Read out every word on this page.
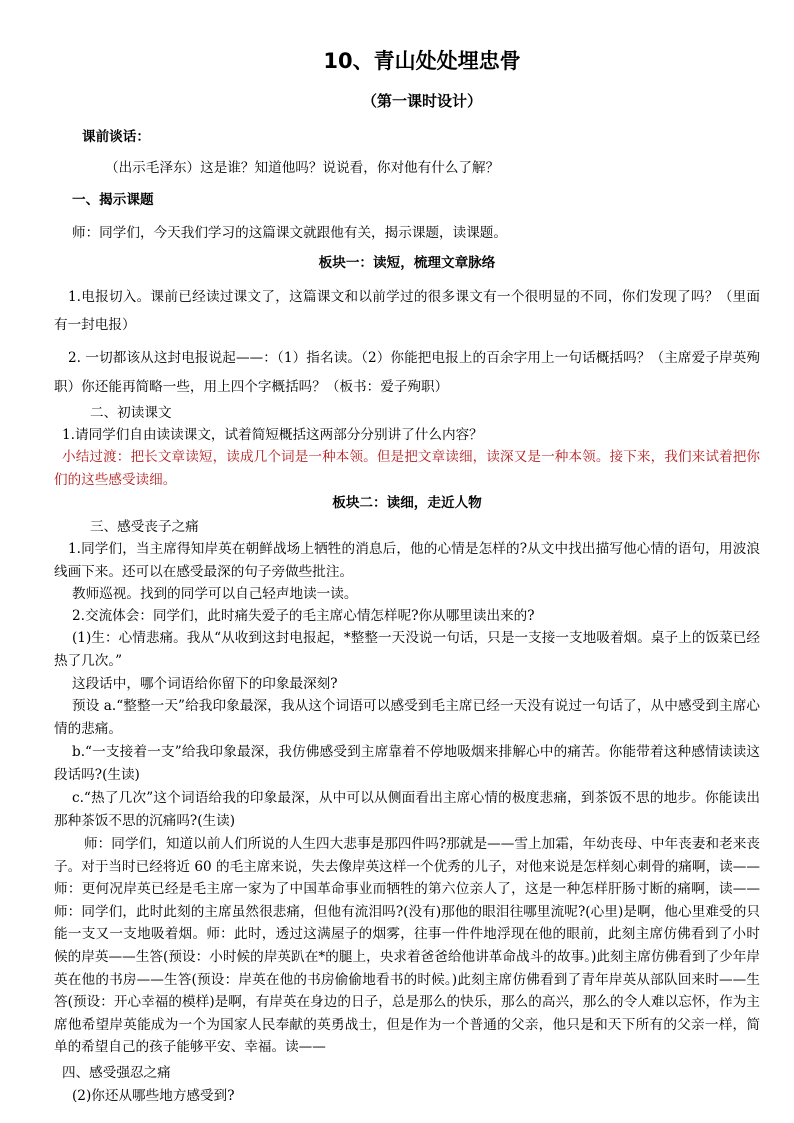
10、青山处处埋忠骨
（第一课时设计）
课前谈话：
（出示毛泽东）这是谁？知道他吗？说说看，你对他有什么了解？
一、揭示课题
师：同学们，今天我们学习的这篇课文就跟他有关，揭示课题，读课题。
板块一：读短，梳理文章脉络
1.电报切入。课前已经读过课文了，这篇课文和以前学过的很多课文有一个很明显的不同，你们发现了吗？（里面有一封电报）
2. 一切都该从这封电报说起——：（1）指名读。（2）你能把电报上的百余字用上一句话概括吗？（主席爱子岸英殉职）你还能再简略一些，用上四个字概括吗？（板书：爱子殉职）
二、初读课文
1.请同学们自由读读课文，试着简短概括这两部分分别讲了什么内容？
小结过渡：把长文章读短，读成几个词是一种本领。但是把文章读细，读深又是一种本领。接下来，我们来试着把你们的这些感受读细。
板块二：读细，走近人物
三、感受丧子之痛
1.同学们，当主席得知岸英在朝鲜战场上牺牲的消息后，他的心情是怎样的?从文中找出描写他心情的语句，用波浪线画下来。还可以在感受最深的句子旁做些批注。
教师巡视。找到的同学可以自己轻声地读一读。
2.交流体会：同学们，此时痛失爱子的毛主席心情怎样呢?你从哪里读出来的?
(1)生：心情悲痛。我从“从收到这封电报起，*整整一天没说一句话，只是一支接一支地吸着烟。桌子上的饭菜已经热了几次。”
这段话中，哪个词语给你留下的印象最深刻?
预设 a.“整整一天”给我印象最深，我从这个词语可以感受到毛主席已经一天没有说过一句话了，从中感受到主席心情的悲痛。
b.“一支接着一支”给我印象最深，我仿佛感受到主席靠着不停地吸烟来排解心中的痛苦。你能带着这种感情读读这段话吗?(生读)
c.“热了几次”这个词语给我的印象最深，从中可以从侧面看出主席心情的极度悲痛，到茶饭不思的地步。你能读出那种茶饭不思的沉痛吗?(生读)
师：同学们，知道以前人们所说的人生四大悲事是那四件吗?那就是——雪上加霜，年幼丧母、中年丧妻和老来丧子。对于当时已经将近 60 的毛主席来说，失去像岸英这样一个优秀的儿子，对他来说是怎样刻心刺骨的痛啊，读——师：更何况岸英已经是毛主席一家为了中国革命事业而牺牲的第六位亲人了，这是一种怎样肝肠寸断的痛啊，读——师：同学们，此时此刻的主席虽然很悲痛，但他有流泪吗?(没有)那他的眼泪往哪里流呢?(心里)是啊，他心里难受的只能一支又一支地吸着烟。师：此时，透过这满屋子的烟雾，往事一件件地浮现在他的眼前，此刻主席仿佛看到了小时候的岸英——生答(预设：小时候的岸英趴在*的腿上，央求着爸爸给他讲革命战斗的故事。)此刻主席仿佛看到了少年岸英在他的书房——生答(预设：岸英在他的书房偷偷地看书的时候。)此刻主席仿佛看到了青年岸英从部队回来时——生答(预设：开心幸福的模样)是啊，有岸英在身边的日子，总是那么的快乐，那么的高兴，那么的令人难以忘怀，作为主席他希望岸英能成为一个为国家人民奉献的英勇战士，但是作为一个普通的父亲，他只是和天下所有的父亲一样，简单的希望自己的孩子能够平安、幸福。读——
四、感受强忍之痛
(2)你还从哪些地方感受到?
